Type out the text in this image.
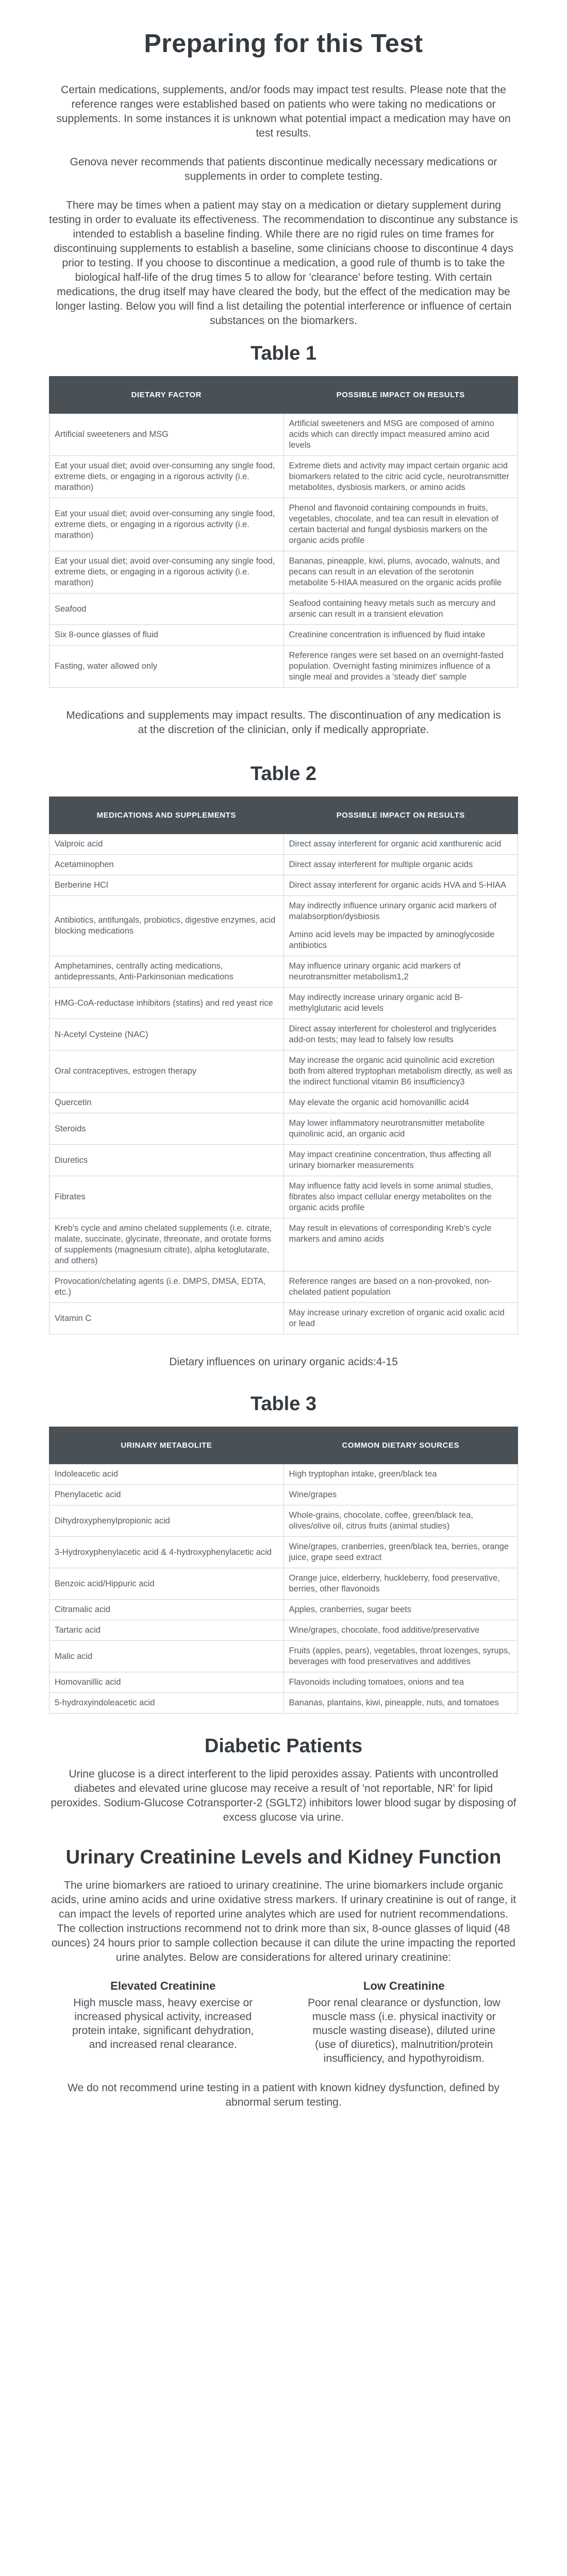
Preparing for this Test

Certain medications, supplements, and/or foods may impact test results. Please note that the reference ranges were established based on patients who were taking no medications or supplements. In some instances it is unknown what potential impact a medication may have on test results.

Genova never recommends that patients discontinue medically necessary medications or supplements in order to complete testing.

There may be times when a patient may stay on a medication or dietary supplement during testing in order to evaluate its effectiveness. The recommendation to discontinue any substance is intended to establish a baseline finding. While there are no rigid rules on time frames for discontinuing supplements to establish a baseline, some clinicians choose to discontinue 4 days prior to testing. If you choose to discontinue a medication, a good rule of thumb is to take the biological half-life of the drug times 5 to allow for 'clearance' before testing. With certain medications, the drug itself may have cleared the body, but the effect of the medication may be longer lasting. Below you will find a list detailing the potential interference or influence of certain substances on the biomarkers.

Table 1
DIETARY FACTOR	POSSIBLE IMPACT ON RESULTS
Artificial sweeteners and MSG	Artificial sweeteners and MSG are composed of amino acids which can directly impact measured amino acid levels

Eat your usual diet; avoid over-consuming any single food, extreme diets, or engaging in a rigorous activity (i.e. marathon)	Extreme diets and activity may impact certain organic acid biomarkers related to the citric acid cycle, neurotransmitter metabolites, dysbiosis markers, or amino acids

Eat your usual diet; avoid over-consuming any single food, extreme diets, or engaging in a rigorous activity (i.e. marathon)	Phenol and flavonoid containing compounds in fruits, vegetables, chocolate, and tea can result in elevation of certain bacterial and fungal dysbiosis markers on the organic acids profile

Eat your usual diet; avoid over-consuming any single food, extreme diets, or engaging in a rigorous activity (i.e. marathon)	Bananas, pineapple, kiwi, plums, avocado, walnuts, and pecans can result in an elevation of the serotonin metabolite 5-HIAA measured on the organic acids profile

Seafood	Seafood containing heavy metals such as mercury and arsenic can result in a transient elevation

Six 8-ounce glasses of fluid	Creatinine concentration is influenced by fluid intake

Fasting, water allowed only	Reference ranges were set based on an overnight-fasted population. Overnight fasting minimizes influence of a single meal and provides a 'steady diet' sample

Medications and supplements may impact results. The discontinuation of any medication is at the discretion of the clinician, only if medically appropriate.

Table 2
MEDICATIONS AND SUPPLEMENTS	POSSIBLE IMPACT ON RESULTS
Valproic acid	Direct assay interferent for organic acid xanthurenic acid

Acetaminophen	Direct assay interferent for multiple organic acids

Berberine HCl	Direct assay interferent for organic acids HVA and 5-HIAA

Antibiotics, antifungals, probiotics, digestive enzymes, acid blocking medications	May indirectly influence urinary organic acid markers of malabsorption/dysbiosis
Amino acid levels may be impacted by aminoglycoside antibiotics

Amphetamines, centrally acting medications, antidepressants, Anti-Parkinsonian medications	May influence urinary organic acid markers of neurotransmitter metabolism1,2

HMG-CoA-reductase inhibitors (statins) and red yeast rice	May indirectly increase urinary organic acid B-methylglutaric acid levels

N-Acetyl Cysteine (NAC)	Direct assay interferent for cholesterol and triglycerides add-on tests; may lead to falsely low results

Oral contraceptives, estrogen therapy	May increase the organic acid quinolinic acid excretion both from altered tryptophan metabolism directly, as well as the indirect functional vitamin B6 insufficiency3

Quercetin	May elevate the organic acid homovanillic acid4

Steroids	May lower inflammatory neurotransmitter metabolite quinolinic acid, an organic acid

Diuretics	May impact creatinine concentration, thus affecting all urinary biomarker measurements

Fibrates	May influence fatty acid levels in some animal studies, fibrates also impact cellular energy metabolites on the organic acids profile

Kreb's cycle and amino chelated supplements (i.e. citrate, malate, succinate, glycinate, threonate, and orotate forms of supplements (magnesium citrate), alpha ketoglutarate, and others)	May result in elevations of corresponding Kreb's cycle markers and amino acids

Provocation/chelating agents (i.e. DMPS, DMSA, EDTA, etc.)	Reference ranges are based on a non-provoked, non-chelated patient population

Vitamin C	May increase urinary excretion of organic acid oxalic acid or lead

Dietary influences on urinary organic acids:4-15

Table 3
URINARY METABOLITE	COMMON DIETARY SOURCES
Indoleacetic acid	High tryptophan intake, green/black tea

Phenylacetic acid	Wine/grapes

Dihydroxyphenylpropionic acid	Whole-grains, chocolate, coffee, green/black tea, olives/olive oil, citrus fruits (animal studies)

3-Hydroxyphenylacetic acid & 4-hydroxyphenylacetic acid	Wine/grapes, cranberries, green/black tea, berries, orange juice, grape seed extract

Benzoic acid/Hippuric acid	Orange juice, elderberry, huckleberry, food preservative, berries, other flavonoids

Citramalic acid	Apples, cranberries, sugar beets

Tartaric acid	Wine/grapes, chocolate, food additive/preservative

Malic acid	Fruits (apples, pears), vegetables, throat lozenges, syrups, beverages with food preservatives and additives

Homovanillic acid	Flavonoids including tomatoes, onions and tea

5-hydroxyindoleacetic acid	Bananas, plantains, kiwi, pineapple, nuts, and tomatoes
Diabetic Patients

Urine glucose is a direct interferent to the lipid peroxides assay. Patients with uncontrolled diabetes and elevated urine glucose may receive a result of 'not reportable, NR' for lipid peroxides. Sodium-Glucose Cotransporter-2 (SGLT2) inhibitors lower blood sugar by disposing of excess glucose via urine.

Urinary Creatinine Levels and Kidney Function

The urine biomarkers are ratioed to urinary creatinine. The urine biomarkers include organic acids, urine amino acids and urine oxidative stress markers. If urinary creatinine is out of range, it can impact the levels of reported urine analytes which are used for nutrient recommendations. The collection instructions recommend not to drink more than six, 8-ounce glasses of liquid (48 ounces) 24 hours prior to sample collection because it can dilute the urine impacting the reported urine analytes. Below are considerations for altered urinary creatinine:

Elevated Creatinine

High muscle mass, heavy exercise or increased physical activity, increased protein intake, significant dehydration, and increased renal clearance.

Low Creatinine

Poor renal clearance or dysfunction, low muscle mass (i.e. physical inactivity or muscle wasting disease), diluted urine (use of diuretics), malnutrition/protein insufficiency, and hypothyroidism.

We do not recommend urine testing in a patient with known kidney dysfunction, defined by abnormal serum testing.
